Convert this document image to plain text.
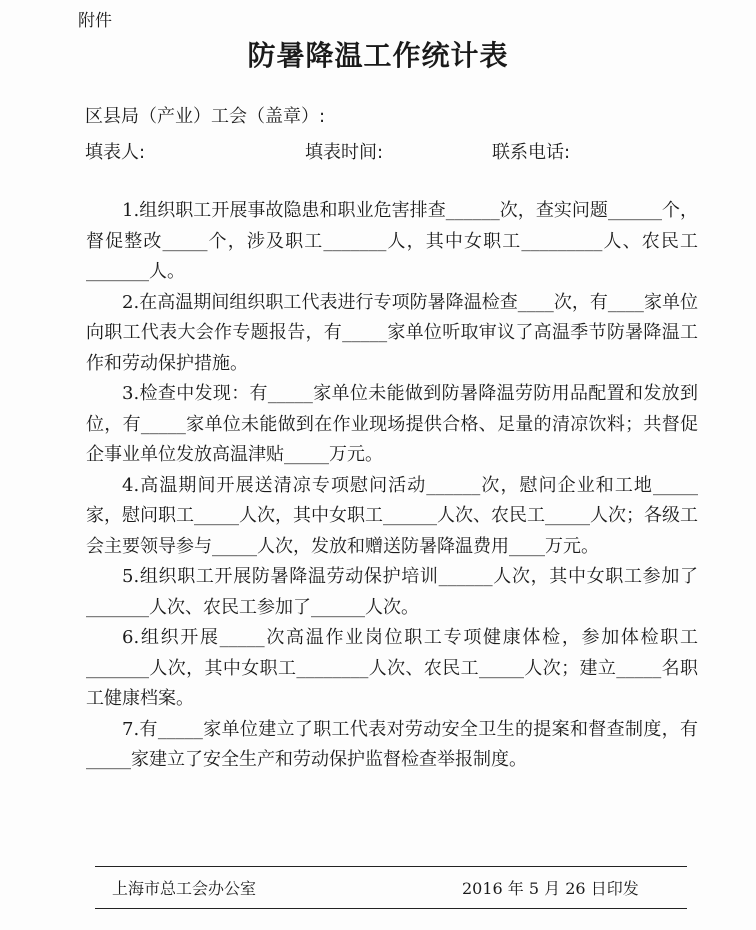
附件
防暑降温工作统计表
区县局（产业）工会（盖章）:
填表人:	填表时间:	联系电话:

1.组织职工开展事故隐患和职业危害排查______次，查实问题______个，督促整改_____个，涉及职工_______人，其中女职工_________人、农民工_______人。

2.在高温期间组织职工代表进行专项防暑降温检查____次，有____家单位向职工代表大会作专题报告，有_____家单位听取审议了高温季节防暑降温工作和劳动保护措施。

3.检查中发现：有_____家单位未能做到防暑降温劳防用品配置和发放到位，有_____家单位未能做到在作业现场提供合格、足量的清凉饮料；共督促企事业单位发放高温津贴_____万元。

4.高温期间开展送清凉专项慰问活动______次，慰问企业和工地_____家，慰问职工_____人次，其中女职工______人次、农民工_____人次；各级工会主要领导参与_____人次，发放和赠送防暑降温费用____万元。

5.组织职工开展防暑降温劳动保护培训______人次，其中女职工参加了_______人次、农民工参加了______人次。

6.组织开展_____次高温作业岗位职工专项健康体检，参加体检职工_______人次，其中女职工________人次、农民工_____人次；建立_____名职工健康档案。

7.有_____家单位建立了职工代表对劳动安全卫生的提案和督查制度，有_____家建立了安全生产和劳动保护监督检查举报制度。

上海市总工会办公室	2016 年 5 月 26 日印发
